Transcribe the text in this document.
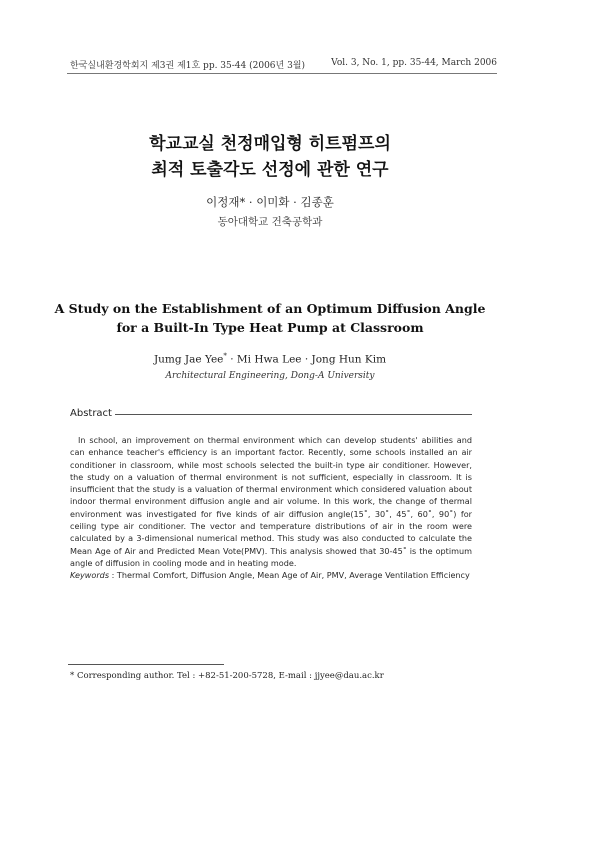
한국실내환경학회지 제3권 제1호 pp. 35-44 (2006년 3월)	Vol. 3, No. 1, pp. 35-44, March 2006
학교교실 천정매입형 히트펌프의
최적 토출각도 선정에 관한 연구
이정재* · 이미화 · 김종훈
동아대학교 건축공학과
A Study on the Establishment of an Optimum Diffusion Angle
for a Built-In Type Heat Pump at Classroom
Jumg Jae Yee* · Mi Hwa Lee · Jong Hun Kim
Architectural Engineering, Dong-A University
Abstract
In school, an improvement on thermal environment which can develop students' abilities and can enhance teacher's efficiency is an important factor. Recently, some schools installed an air conditioner in classroom, while most schools selected the built-in type air conditioner. However, the study on a valuation of thermal environment is not sufficient, especially in classroom. It is insufficient that the study is a valuation of thermal environment which considered valuation about indoor thermal environment diffusion angle and air volume. In this work, the change of thermal environment was investigated for five kinds of air diffusion angle(15˚, 30˚, 45˚, 60˚, 90˚) for ceiling type air conditioner. The vector and temperature distributions of air in the room were calculated by a 3-dimensional numerical method. This study was also conducted to calculate the Mean Age of Air and Predicted Mean Vote(PMV). This analysis showed that 30-45˚ is the optimum angle of diffusion in cooling mode and in heating mode.
Keywords : Thermal Comfort, Diffusion Angle, Mean Age of Air, PMV, Average Ventilation Efficiency
* Corresponding author. Tel : +82-51-200-5728, E-mail : jjyee@dau.ac.kr
